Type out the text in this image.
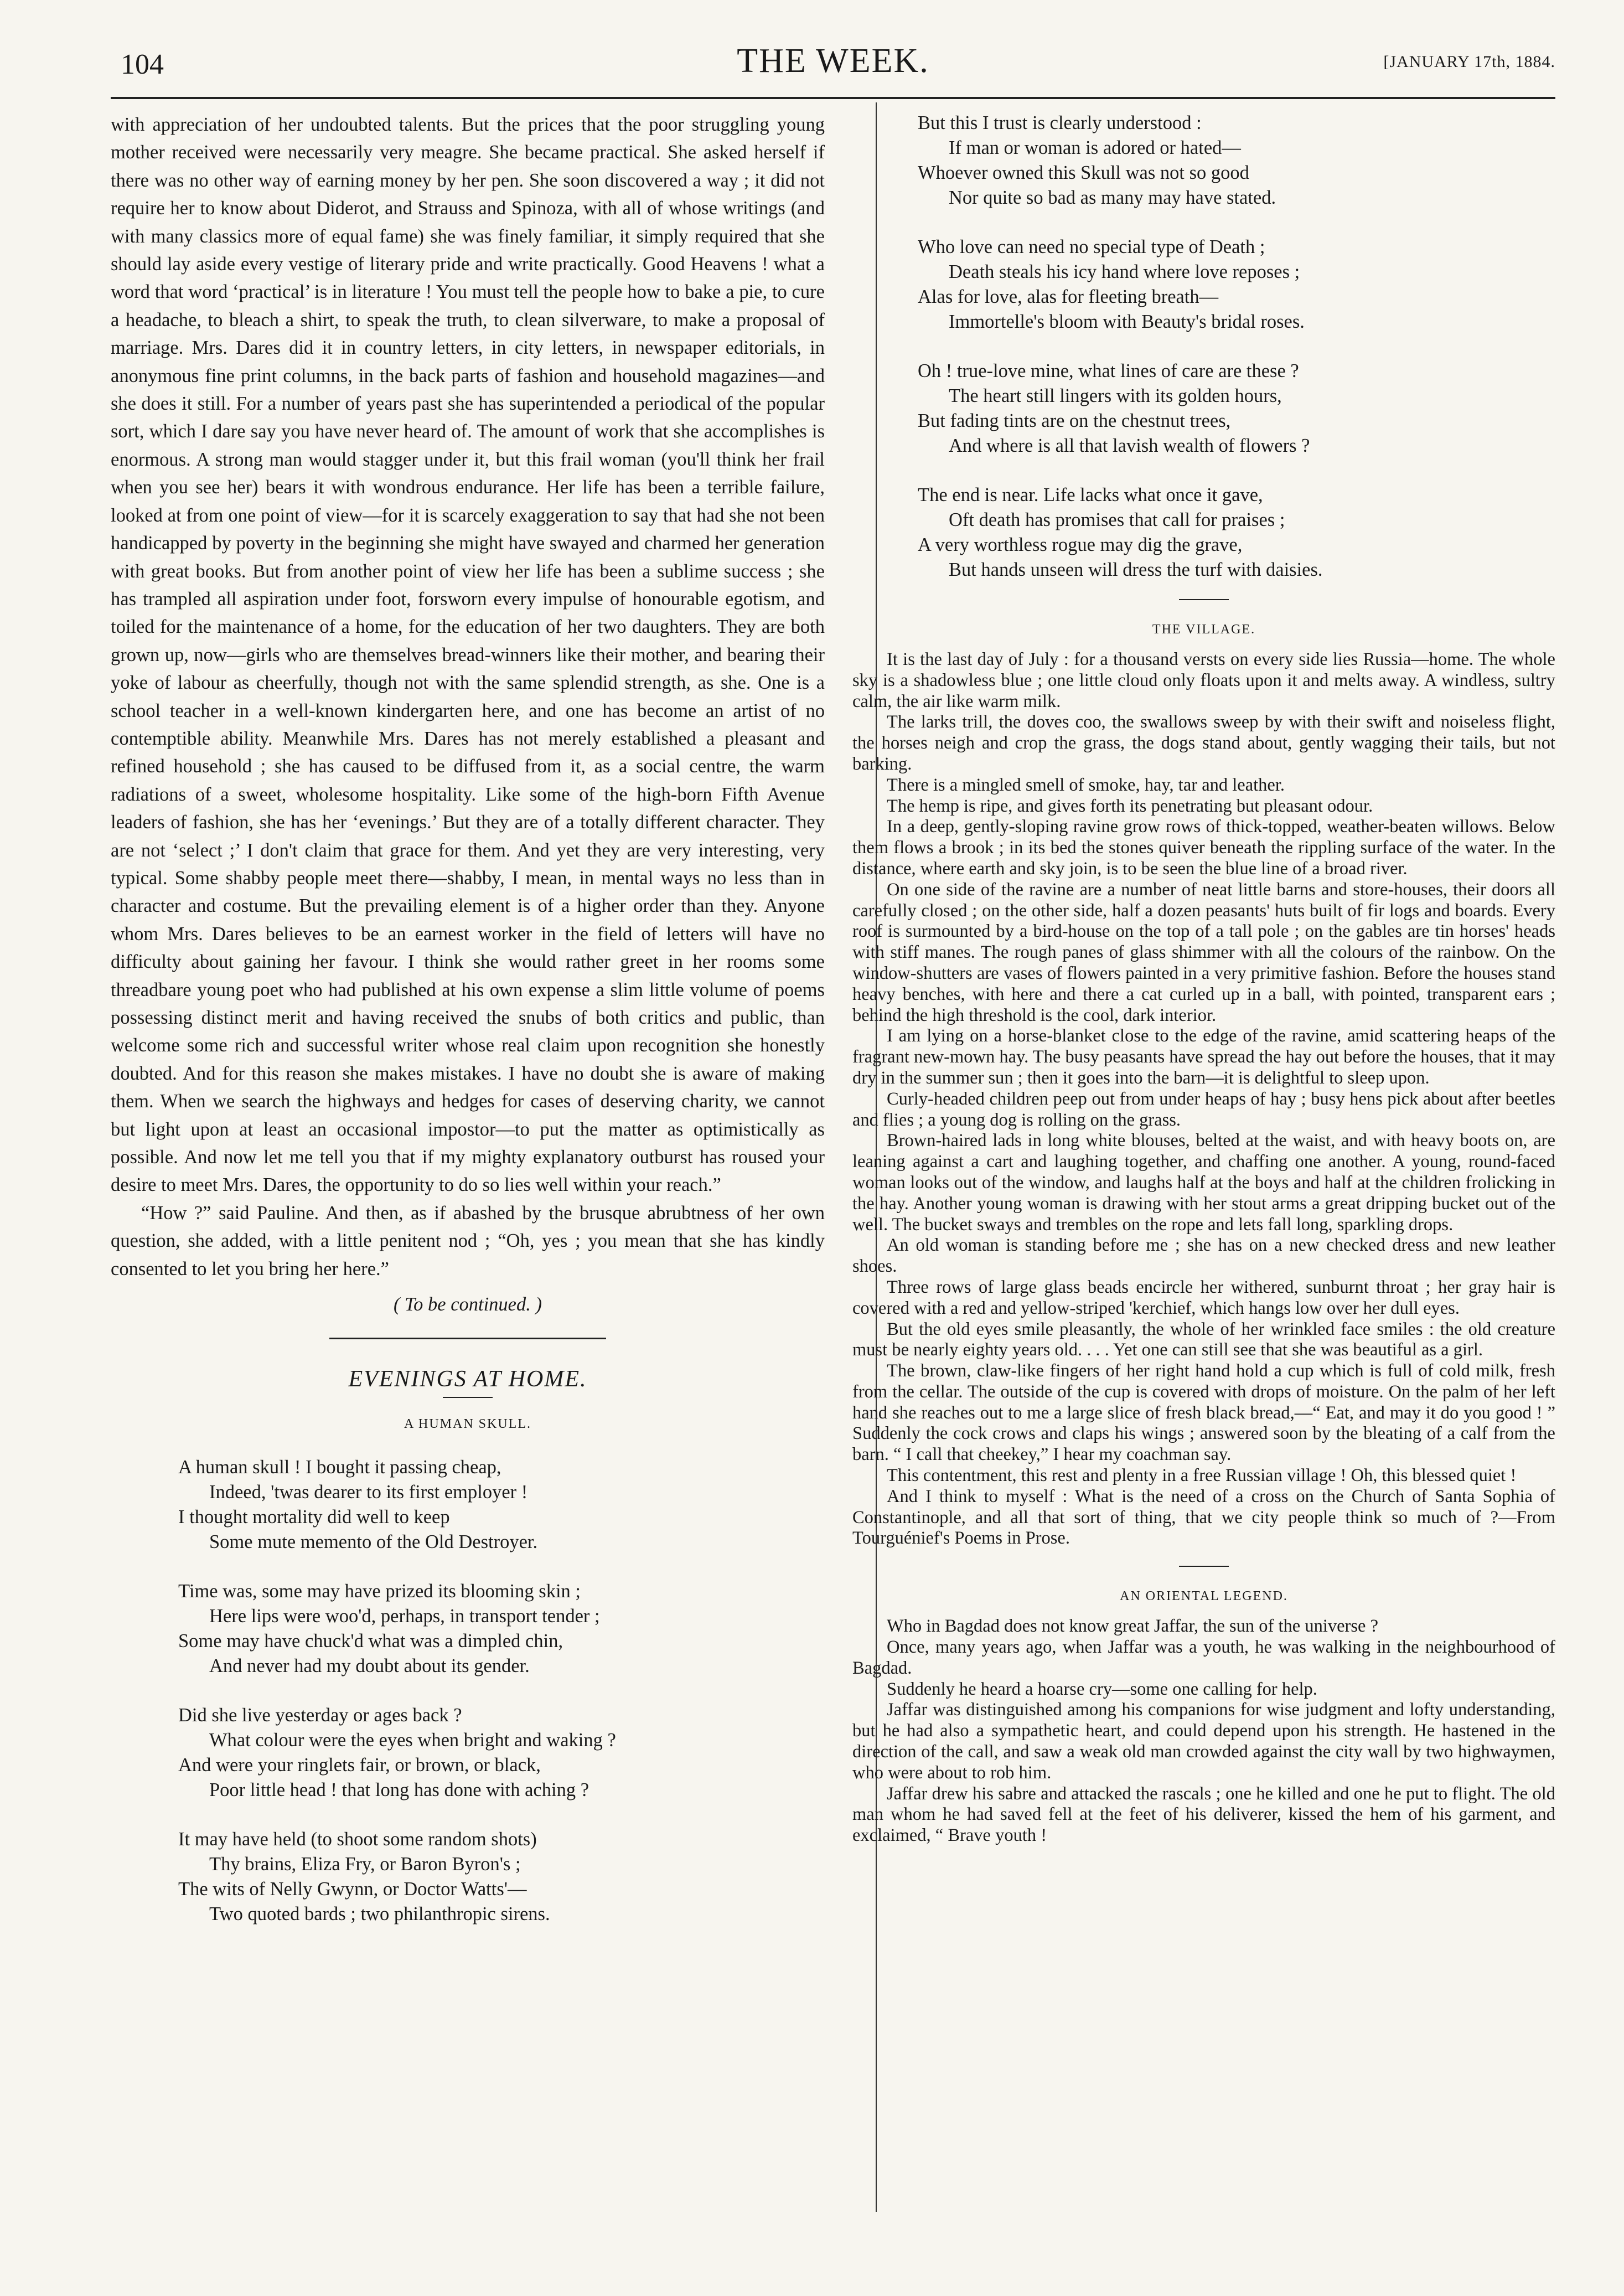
104	THE WEEK.	[JANUARY 17th, 1884.

with appreciation of her undoubted talents. But the prices that the poor struggling young mother received were necessarily very meagre. She became practical. She asked herself if there was no other way of earning money by her pen. She soon discovered a way ; it did not require her to know about Diderot, and Strauss and Spinoza, with all of whose writings (and with many classics more of equal fame) she was finely familiar, it simply required that she should lay aside every vestige of literary pride and write practically. Good Heavens ! what a word that word ‘practical’ is in literature ! You must tell the people how to bake a pie, to cure a headache, to bleach a shirt, to speak the truth, to clean silverware, to make a proposal of marriage. Mrs. Dares did it in country letters, in city letters, in newspaper editorials, in anonymous fine print columns, in the back parts of fashion and household magazines—and she does it still. For a number of years past she has superintended a periodical of the popular sort, which I dare say you have never heard of. The amount of work that she accomplishes is enormous. A strong man would stagger under it, but this frail woman (you'll think her frail when you see her) bears it with wondrous endurance. Her life has been a terrible failure, looked at from one point of view—for it is scarcely exaggeration to say that had she not been handicapped by poverty in the beginning she might have swayed and charmed her generation with great books. But from another point of view her life has been a sublime success ; she has trampled all aspiration under foot, forsworn every impulse of honourable egotism, and toiled for the maintenance of a home, for the education of her two daughters. They are both grown up, now—girls who are themselves bread-winners like their mother, and bearing their yoke of labour as cheerfully, though not with the same splendid strength, as she. One is a school teacher in a well-known kindergarten here, and one has become an artist of no contemptible ability. Meanwhile Mrs. Dares has not merely established a pleasant and refined household ; she has caused to be diffused from it, as a social centre, the warm radiations of a sweet, wholesome hospitality. Like some of the high-born Fifth Avenue leaders of fashion, she has her ‘evenings.’ But they are of a totally different character. They are not ‘select ;’ I don't claim that grace for them. And yet they are very interesting, very typical. Some shabby people meet there—shabby, I mean, in mental ways no less than in character and costume. But the prevailing element is of a higher order than they. Anyone whom Mrs. Dares believes to be an earnest worker in the field of letters will have no difficulty about gaining her favour. I think she would rather greet in her rooms some threadbare young poet who had published at his own expense a slim little volume of poems possessing distinct merit and having received the snubs of both critics and public, than welcome some rich and successful writer whose real claim upon recognition she honestly doubted. And for this reason she makes mistakes. I have no doubt she is aware of making them. When we search the highways and hedges for cases of deserving charity, we cannot but light upon at least an occasional impostor—to put the matter as optimistically as possible. And now let me tell you that if my mighty explanatory outburst has roused your desire to meet Mrs. Dares, the opportunity to do so lies well within your reach.”

“How ?” said Pauline. And then, as if abashed by the brusque abrubtness of her own question, she added, with a little penitent nod ; “Oh, yes ; you mean that she has kindly consented to let you bring her here.”

( To be continued. )
EVENINGS AT HOME.
A HUMAN SKULL.
A human skull ! I bought it passing cheap,
Indeed, 'twas dearer to its first employer !
I thought mortality did well to keep
Some mute memento of the Old Destroyer.
Time was, some may have prized its blooming skin ;
Here lips were woo'd, perhaps, in transport tender ;
Some may have chuck'd what was a dimpled chin,
And never had my doubt about its gender.
Did she live yesterday or ages back ?
What colour were the eyes when bright and waking ?
And were your ringlets fair, or brown, or black,
Poor little head ! that long has done with aching ?
It may have held (to shoot some random shots)
Thy brains, Eliza Fry, or Baron Byron's ;
The wits of Nelly Gwynn, or Doctor Watts'—
Two quoted bards ; two philanthropic sirens.
But this I trust is clearly understood :
If man or woman is adored or hated—
Whoever owned this Skull was not so good
Nor quite so bad as many may have stated.
Who love can need no special type of Death ;
Death steals his icy hand where love reposes ;
Alas for love, alas for fleeting breath—
Immortelle's bloom with Beauty's bridal roses.
Oh ! true-love mine, what lines of care are these ?
The heart still lingers with its golden hours,
But fading tints are on the chestnut trees,
And where is all that lavish wealth of flowers ?
The end is near. Life lacks what once it gave,
Oft death has promises that call for praises ;
A very worthless rogue may dig the grave,
But hands unseen will dress the turf with daisies.
THE VILLAGE.

It is the last day of July : for a thousand versts on every side lies Russia—home. The whole sky is a shadowless blue ; one little cloud only floats upon it and melts away. A windless, sultry calm, the air like warm milk.

The larks trill, the doves coo, the swallows sweep by with their swift and noiseless flight, the horses neigh and crop the grass, the dogs stand about, gently wagging their tails, but not barking.

There is a mingled smell of smoke, hay, tar and leather.

The hemp is ripe, and gives forth its penetrating but pleasant odour.

In a deep, gently-sloping ravine grow rows of thick-topped, weather-beaten willows. Below them flows a brook ; in its bed the stones quiver beneath the rippling surface of the water. In the distance, where earth and sky join, is to be seen the blue line of a broad river.

On one side of the ravine are a number of neat little barns and store-houses, their doors all carefully closed ; on the other side, half a dozen peasants' huts built of fir logs and boards. Every roof is surmounted by a bird-house on the top of a tall pole ; on the gables are tin horses' heads with stiff manes. The rough panes of glass shimmer with all the colours of the rainbow. On the window-shutters are vases of flowers painted in a very primitive fashion. Before the houses stand heavy benches, with here and there a cat curled up in a ball, with pointed, transparent ears ; behind the high threshold is the cool, dark interior.

I am lying on a horse-blanket close to the edge of the ravine, amid scattering heaps of the fragrant new-mown hay. The busy peasants have spread the hay out before the houses, that it may dry in the summer sun ; then it goes into the barn—it is delightful to sleep upon.

Curly-headed children peep out from under heaps of hay ; busy hens pick about after beetles and flies ; a young dog is rolling on the grass.

Brown-haired lads in long white blouses, belted at the waist, and with heavy boots on, are leaning against a cart and laughing together, and chaffing one another. A young, round-faced woman looks out of the window, and laughs half at the boys and half at the children frolicking in the hay. Another young woman is drawing with her stout arms a great dripping bucket out of the well. The bucket sways and trembles on the rope and lets fall long, sparkling drops.

An old woman is standing before me ; she has on a new checked dress and new leather shoes.

Three rows of large glass beads encircle her withered, sunburnt throat ; her gray hair is covered with a red and yellow-striped 'kerchief, which hangs low over her dull eyes.

But the old eyes smile pleasantly, the whole of her wrinkled face smiles : the old creature must be nearly eighty years old. . . . Yet one can still see that she was beautiful as a girl.

The brown, claw-like fingers of her right hand hold a cup which is full of cold milk, fresh from the cellar. The outside of the cup is covered with drops of moisture. On the palm of her left hand she reaches out to me a large slice of fresh black bread,—“ Eat, and may it do you good ! ” Suddenly the cock crows and claps his wings ; answered soon by the bleating of a calf from the barn. “ I call that cheekey,” I hear my coachman say.

This contentment, this rest and plenty in a free Russian village ! Oh, this blessed quiet !

And I think to myself : What is the need of a cross on the Church of Santa Sophia of Constantinople, and all that sort of thing, that we city people think so much of ?—From Tourguénief's Poems in Prose.

AN ORIENTAL LEGEND.

Who in Bagdad does not know great Jaffar, the sun of the universe ?

Once, many years ago, when Jaffar was a youth, he was walking in the neighbourhood of Bagdad.

Suddenly he heard a hoarse cry—some one calling for help.

Jaffar was distinguished among his companions for wise judgment and lofty understanding, but he had also a sympathetic heart, and could depend upon his strength. He hastened in the direction of the call, and saw a weak old man crowded against the city wall by two highwaymen, who were about to rob him.

Jaffar drew his sabre and attacked the rascals ; one he killed and one he put to flight. The old man whom he had saved fell at the feet of his deliverer, kissed the hem of his garment, and exclaimed, “ Brave youth !
